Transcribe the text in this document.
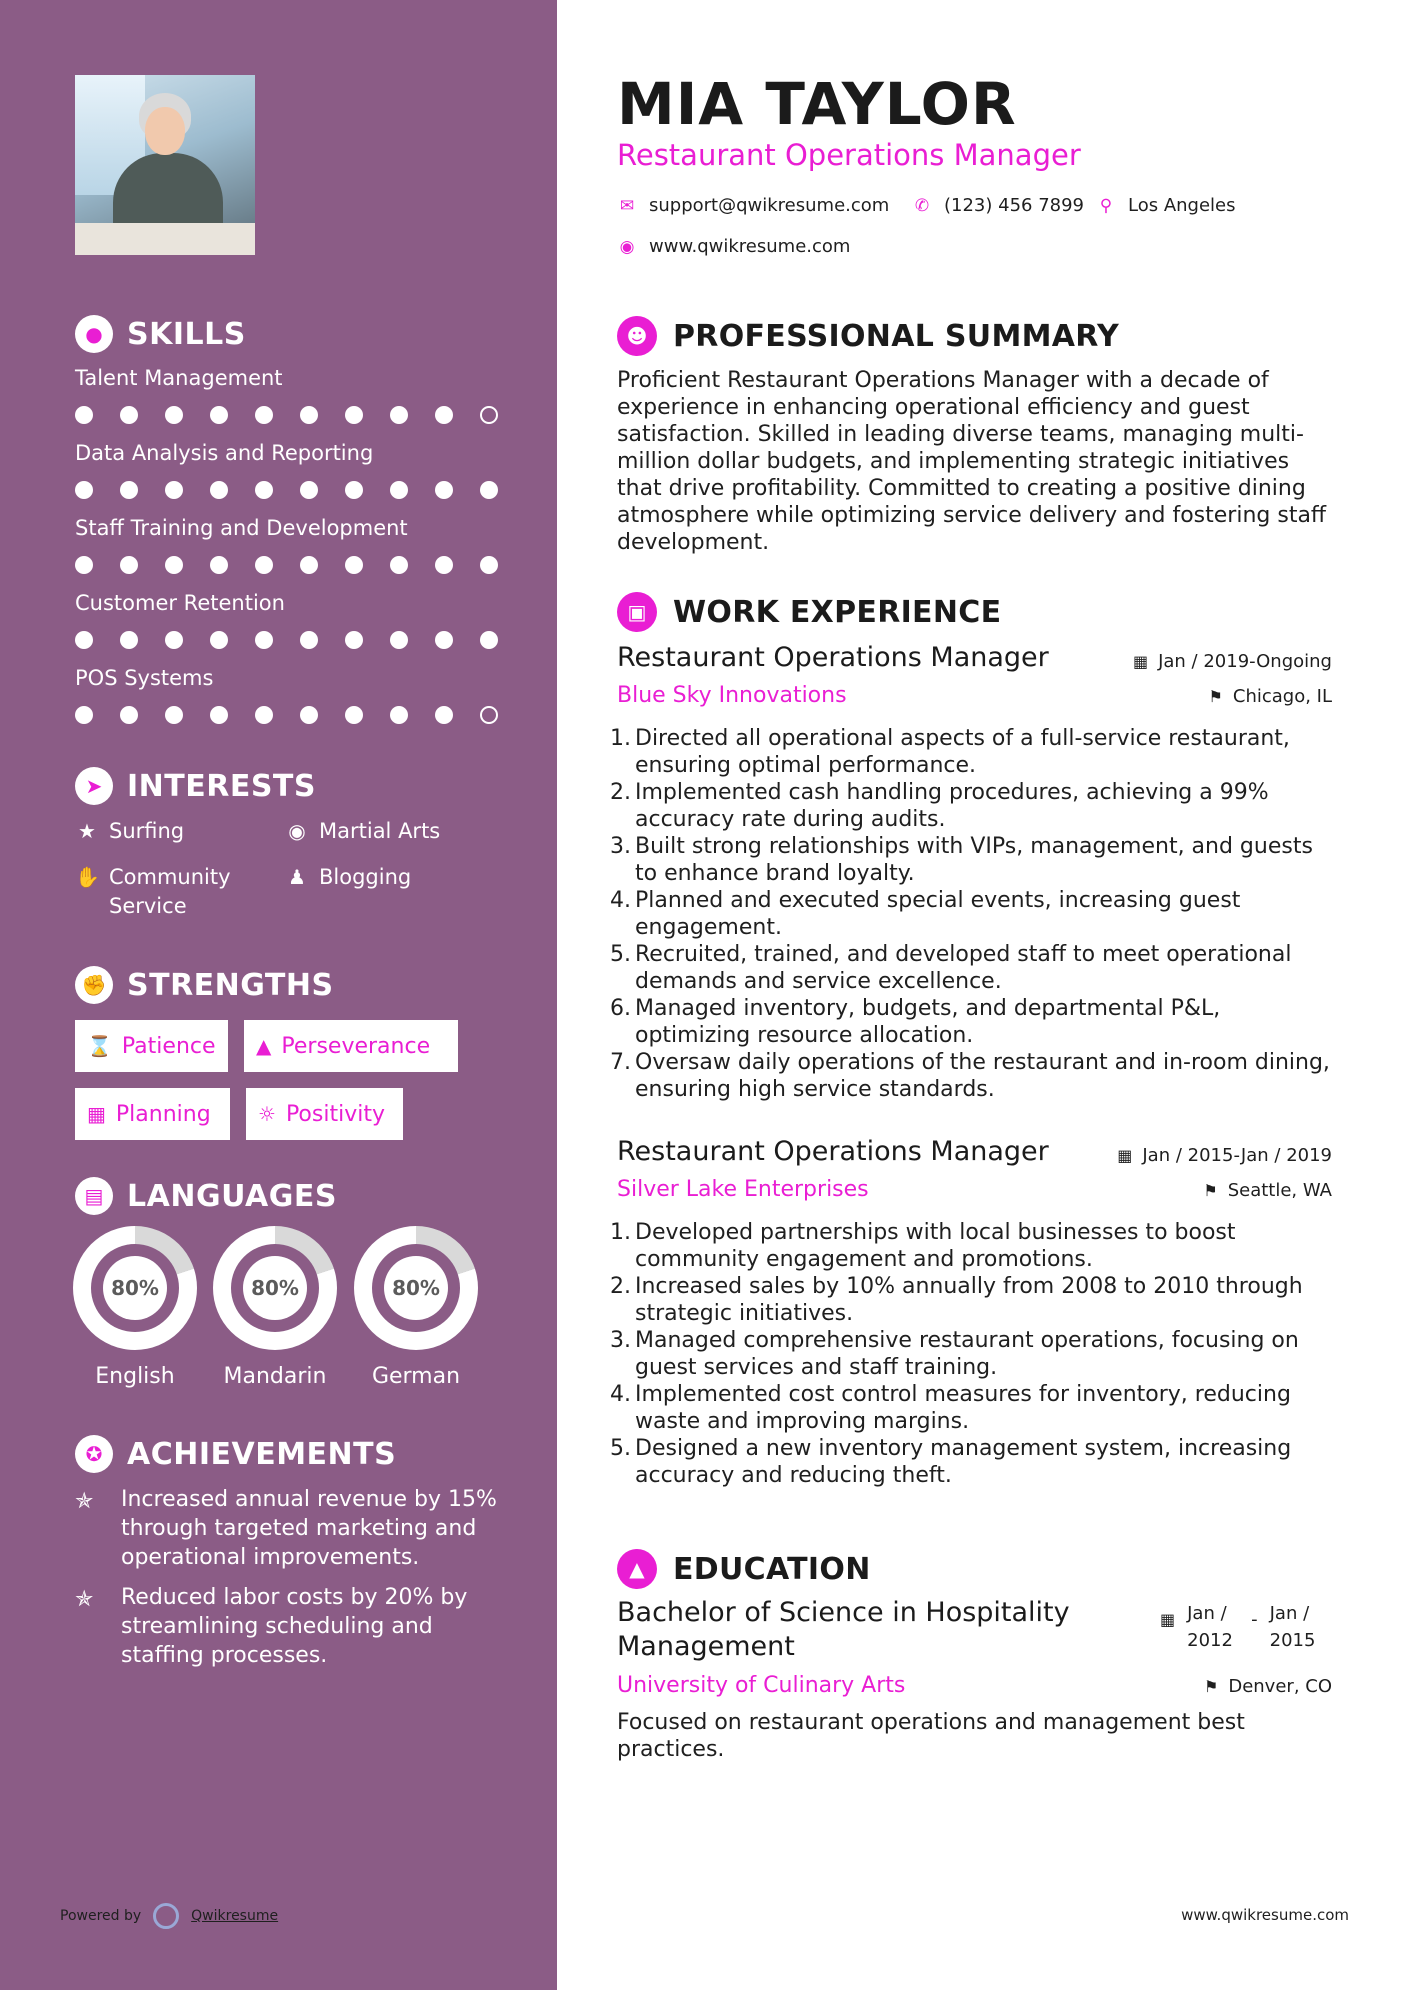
● SKILLS
Talent Management
Data Analysis and Reporting
Staff Training and Development
Customer Retention
POS Systems
➤ INTERESTS
★ Surfing	◉ Martial Arts
✋ Community Service
♟ Blogging
✊ STRENGTHS
⌛ Patience ▲ Perseverance
▦ Planning ☼ Positivity
▤ LANGUAGES
80%
English
80%
Mandarin
80%
German
✪ ACHIEVEMENTS
✯	Increased annual revenue by 15% through targeted marketing and operational improvements.
✯	Reduced labor costs by 20% by streamlining scheduling and staffing processes.
Powered by	Qwikresume
MIA TAYLOR
Restaurant Operations Manager
✉ support@qwikresume.com ✆ (123) 456 7899 ⚲ Los Angeles
◉ www.qwikresume.com
☻ PROFESSIONAL SUMMARY
Proficient Restaurant Operations Manager with a decade of experience in enhancing operational efficiency and guest satisfaction. Skilled in leading diverse teams, managing multi-million dollar budgets, and implementing strategic initiatives that drive profitability. Committed to creating a positive dining atmosphere while optimizing service delivery and fostering staff development.
▣ WORK EXPERIENCE
Restaurant Operations Manager	▦ Jan / 2019-Ongoing
Blue Sky Innovations	⚑ Chicago, IL
1. Directed all operational aspects of a full-service restaurant, ensuring optimal performance.
2. Implemented cash handling procedures, achieving a 99% accuracy rate during audits.
3. Built strong relationships with VIPs, management, and guests to enhance brand loyalty.
4. Planned and executed special events, increasing guest engagement.
5. Recruited, trained, and developed staff to meet operational demands and service excellence.
6. Managed inventory, budgets, and departmental P&L, optimizing resource allocation.
7. Oversaw daily operations of the restaurant and in-room dining, ensuring high service standards.
Restaurant Operations Manager	▦ Jan / 2015-Jan / 2019
Silver Lake Enterprises	⚑ Seattle, WA
1. Developed partnerships with local businesses to boost community engagement and promotions.
2. Increased sales by 10% annually from 2008 to 2010 through strategic initiatives.
3. Managed comprehensive restaurant operations, focusing on guest services and staff training.
4. Implemented cost control measures for inventory, reducing waste and improving margins.
5. Designed a new inventory management system, increasing accuracy and reducing theft.
▲ EDUCATION
Bachelor of Science in Hospitality Management
▦ Jan / 2012
- Jan / 2015
University of Culinary Arts	⚑ Denver, CO
Focused on restaurant operations and management best practices.
www.qwikresume.com
